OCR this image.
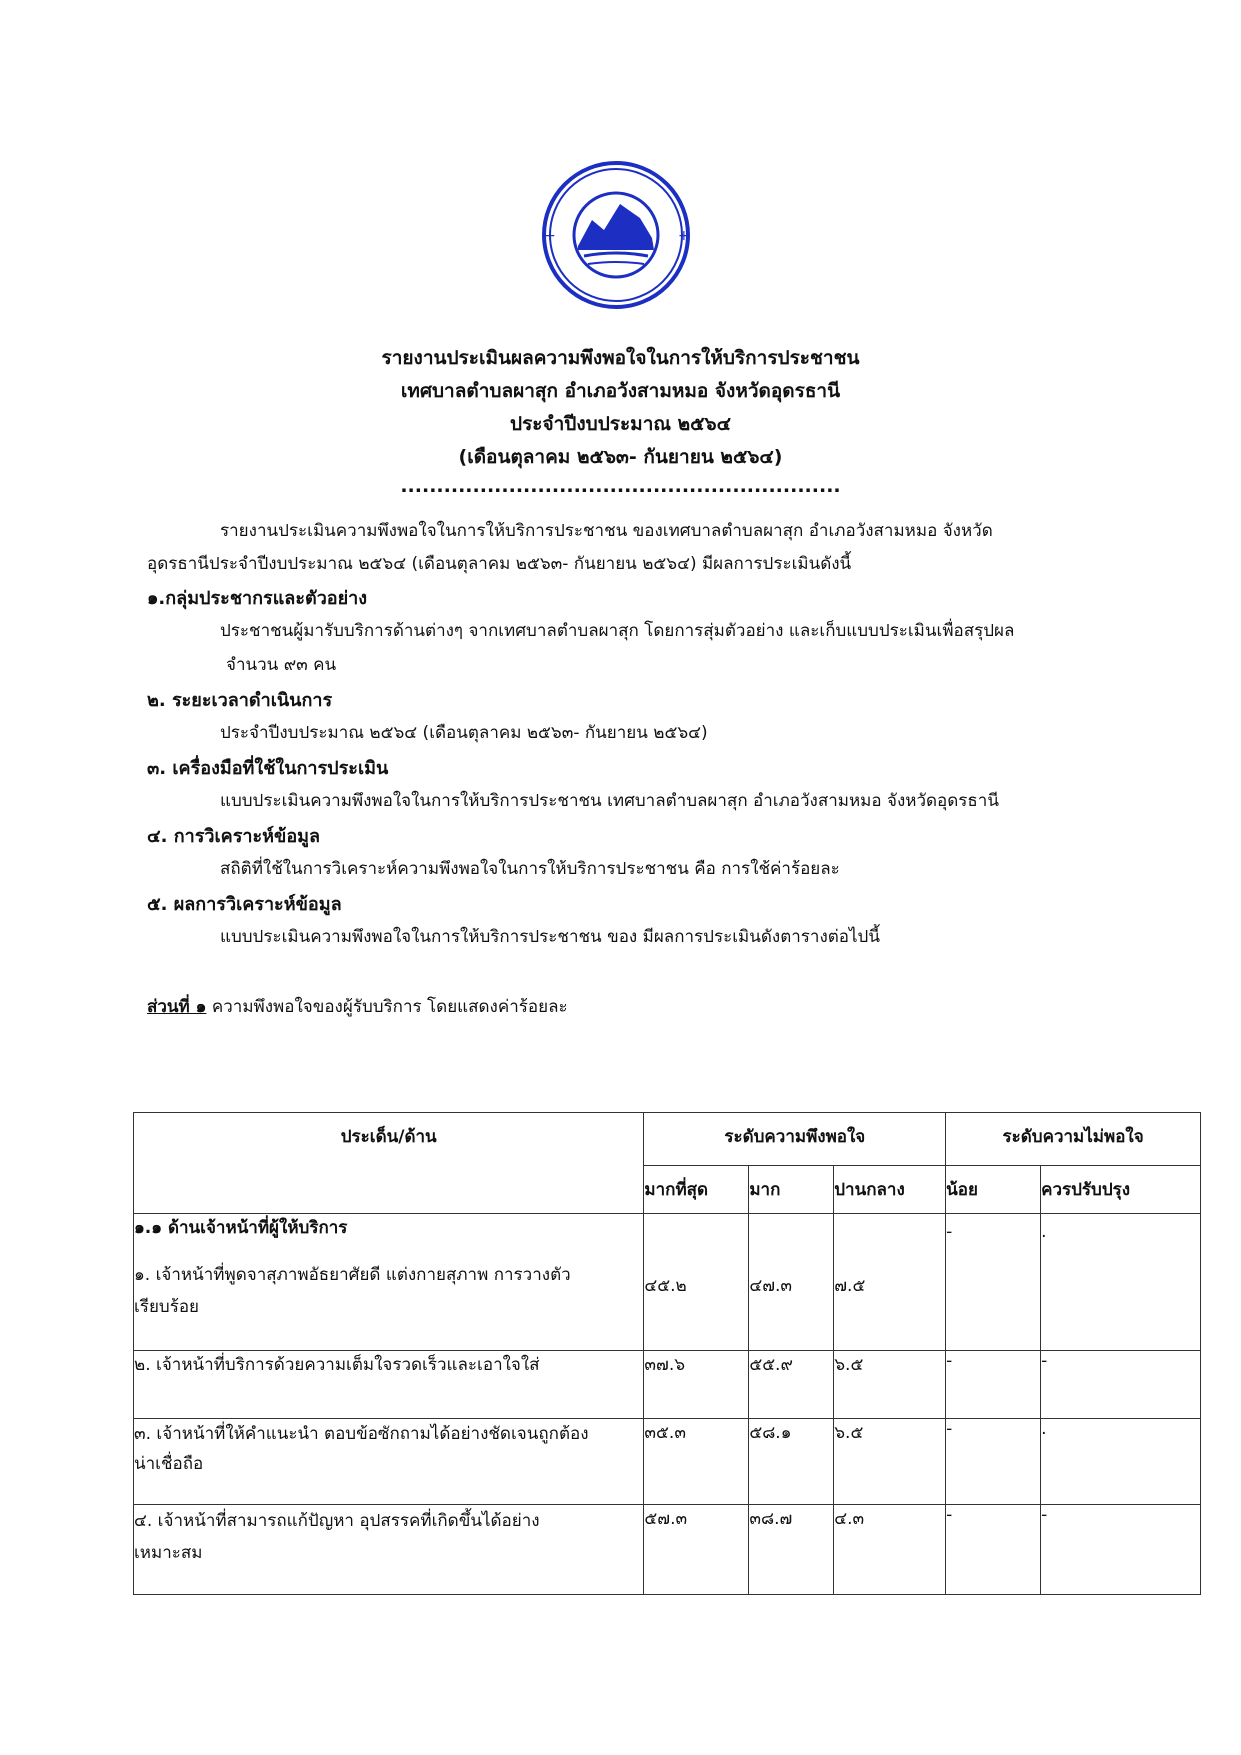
+	+
รายงานประเมินผลความพึงพอใจในการให้บริการประชาชน
เทศบาลตำบลผาสุก อำเภอวังสามหมอ จังหวัดอุดรธานี
ประจำปีงบประมาณ ๒๕๖๔
(เดือนตุลาคม ๒๕๖๓- กันยายน ๒๕๖๔)
.............................................................
รายงานประเมินความพึงพอใจในการให้บริการประชาชน ของเทศบาลตำบลผาสุก อำเภอวังสามหมอ จังหวัด
อุดรธานีประจำปีงบประมาณ ๒๕๖๔ (เดือนตุลาคม ๒๕๖๓- กันยายน ๒๕๖๔) มีผลการประเมินดังนี้
๑.กลุ่มประชากรและตัวอย่าง
ประชาชนผู้มารับบริการด้านต่างๆ จากเทศบาลตำบลผาสุก โดยการสุ่มตัวอย่าง และเก็บแบบประเมินเพื่อสรุปผล
จำนวน ๙๓ คน
๒. ระยะเวลาดำเนินการ
ประจำปีงบประมาณ ๒๕๖๔ (เดือนตุลาคม ๒๕๖๓- กันยายน ๒๕๖๔)
๓. เครื่องมือที่ใช้ในการประเมิน
แบบประเมินความพึงพอใจในการให้บริการประชาชน เทศบาลตำบลผาสุก อำเภอวังสามหมอ จังหวัดอุดรธานี
๔. การวิเคราะห์ข้อมูล
สถิติที่ใช้ในการวิเคราะห์ความพึงพอใจในการให้บริการประชาชน คือ การใช้ค่าร้อยละ
๕. ผลการวิเคราะห์ข้อมูล
แบบประเมินความพึงพอใจในการให้บริการประชาชน ของ มีผลการประเมินดังตารางต่อไปนี้
ส่วนที่ ๑ ความพึงพอใจของผู้รับบริการ โดยแสดงค่าร้อยละ
ประเด็น/ด้าน	ระดับความพึงพอใจ			ระดับความไม่พอใจ	
	มากที่สุด	มาก	ปานกลาง	น้อย	ควรปรับปรุง

๑.๑ ด้านเจ้าหน้าที่ผู้ให้บริการ
๑. เจ้าหน้าที่พูดจาสุภาพอัธยาศัยดี แต่งกายสุภาพ การวางตัว
เรียบร้อย	๔๕.๒	๔๗.๓	๗.๕	-	.

๒. เจ้าหน้าที่บริการด้วยความเต็มใจรวดเร็วและเอาใจใส่	๓๗.๖	๕๕.๙	๖.๕	-	-

๓. เจ้าหน้าที่ให้คำแนะนำ ตอบข้อซักถามได้อย่างชัดเจนถูกต้อง
น่าเชื่อถือ	๓๕.๓	๕๘.๑	๖.๕	-	.

๔. เจ้าหน้าที่สามารถแก้ปัญหา อุปสรรคที่เกิดขึ้นได้อย่าง
เหมาะสม	๕๗.๓	๓๘.๗	๔.๓	-	-
